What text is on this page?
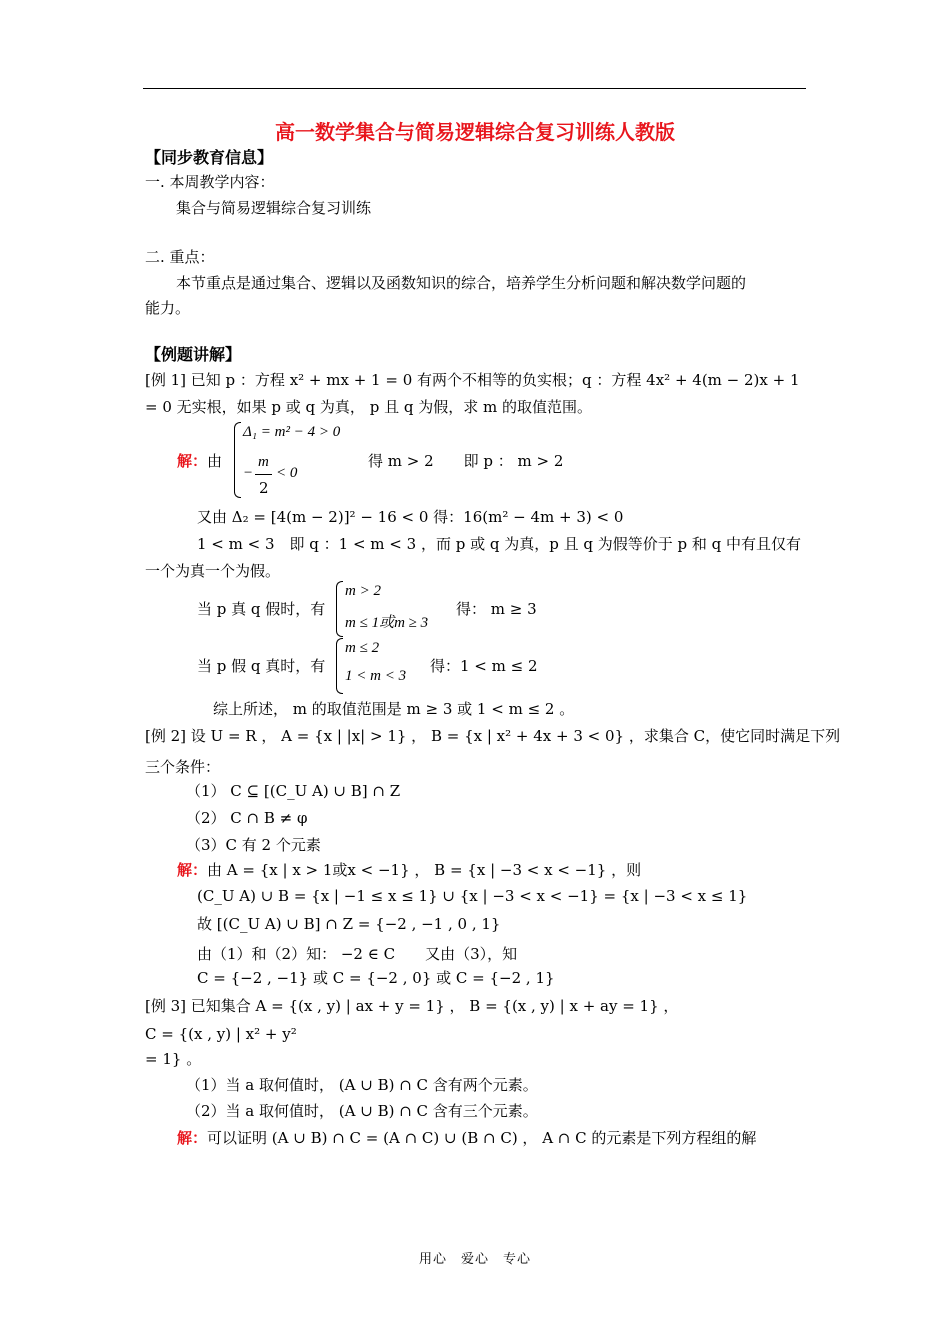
高一数学集合与简易逻辑综合复习训练人教版
【同步教育信息】
一. 本周教学内容：
集合与简易逻辑综合复习训练
二. 重点：
本节重点是通过集合、逻辑以及函数知识的综合，培养学生分析问题和解决数学问题的
能力。
【例题讲解】
[例 1] 已知 p ：方程 x² + mx + 1 = 0 有两个不相等的负实根；q ：方程 4x² + 4(m − 2)x + 1
= 0 无实根，如果 p 或 q 为真， p 且 q 为假，求 m 的取值范围。
解：由
Δ₁ = m² − 4 > 0
−
m
2
< 0
得 m > 2　　即 p ： m > 2
又由 Δ₂ = [4(m − 2)]² − 16 < 0 得：16(m² − 4m + 3) < 0
1 < m < 3　即 q ：1 < m < 3 ，而 p 或 q 为真，p 且 q 为假等价于 p 和 q 中有且仅有
一个为真一个为假。
当 p 真 q 假时，有
m > 2
m ≤ 1或m ≥ 3
得： m ≥ 3
当 p 假 q 真时，有
m ≤ 2
1 < m < 3
得：1 < m ≤ 2
综上所述， m 的取值范围是 m ≥ 3 或 1 < m ≤ 2 。
[例 2] 设 U = R ， A = {x | |x| > 1} ， B = {x | x² + 4x + 3 < 0} ，求集合 C，使它同时满足下列
三个条件：
（1） C ⊆ [(C_U A) ∪ B] ∩ Z
（2） C ∩ B ≠ φ
（3）C 有 2 个元素
解：由 A = {x | x > 1或x < −1} ， B = {x | −3 < x < −1} ，则
(C_U A) ∪ B = {x | −1 ≤ x ≤ 1} ∪ {x | −3 < x < −1} = {x | −3 < x ≤ 1}
故 [(C_U A) ∪ B] ∩ Z = {−2 , −1 , 0 , 1}
由（1）和（2）知： −2 ∈ C　　又由（3），知
C = {−2 , −1} 或 C = {−2 , 0} 或 C = {−2 , 1}
[例 3] 已知集合 A = {(x , y) | ax + y = 1} ， B = {(x , y) | x + ay = 1} ，
C = {(x , y) | x² + y²
= 1} 。
（1）当 a 取何值时， (A ∪ B) ∩ C 含有两个元素。
（2）当 a 取何值时， (A ∪ B) ∩ C 含有三个元素。
解：可以证明 (A ∪ B) ∩ C = (A ∩ C) ∪ (B ∩ C) ， A ∩ C 的元素是下列方程组的解
用心　爱心　专心
